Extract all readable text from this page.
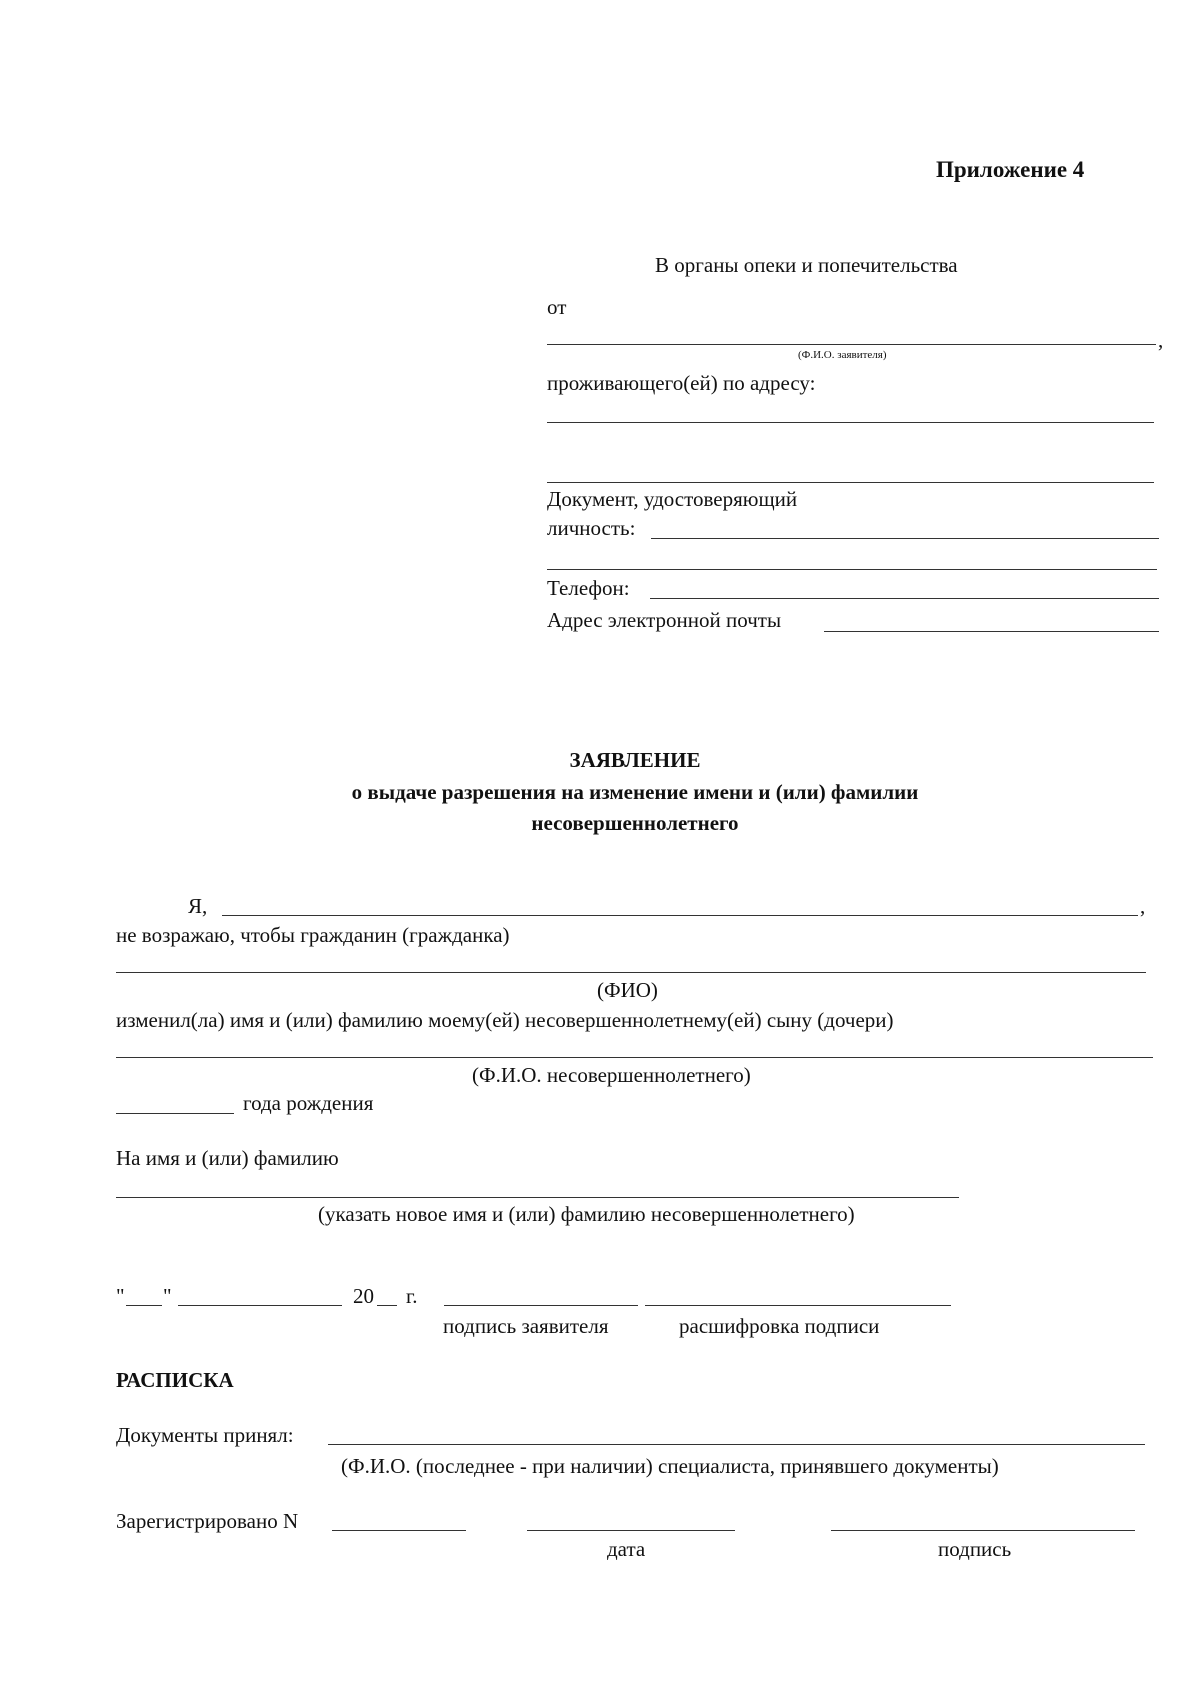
Приложение 4
В органы опеки и попечительства
от
,
(Ф.И.О. заявителя)
проживающего(ей) по адресу:
Документ, удостоверяющий
личность:
Телефон:
Адрес электронной почты
ЗАЯВЛЕНИЕ
о выдаче разрешения на изменение имени и (или) фамилии
несовершеннолетнего
Я,	,
не возражаю, чтобы гражданин (гражданка)
(ФИО)
изменил(ла) имя и (или) фамилию моему(ей) несовершеннолетнему(ей) сыну (дочери)
(Ф.И.О. несовершеннолетнего)
года рождения
На имя и (или) фамилию
(указать новое имя и (или) фамилию несовершеннолетнего)
" "	20 г.
подпись заявителя	расшифровка подписи
РАСПИСКА
Документы принял:
(Ф.И.О. (последнее - при наличии) специалиста, принявшего документы)
Зарегистрировано N
дата	подпись
